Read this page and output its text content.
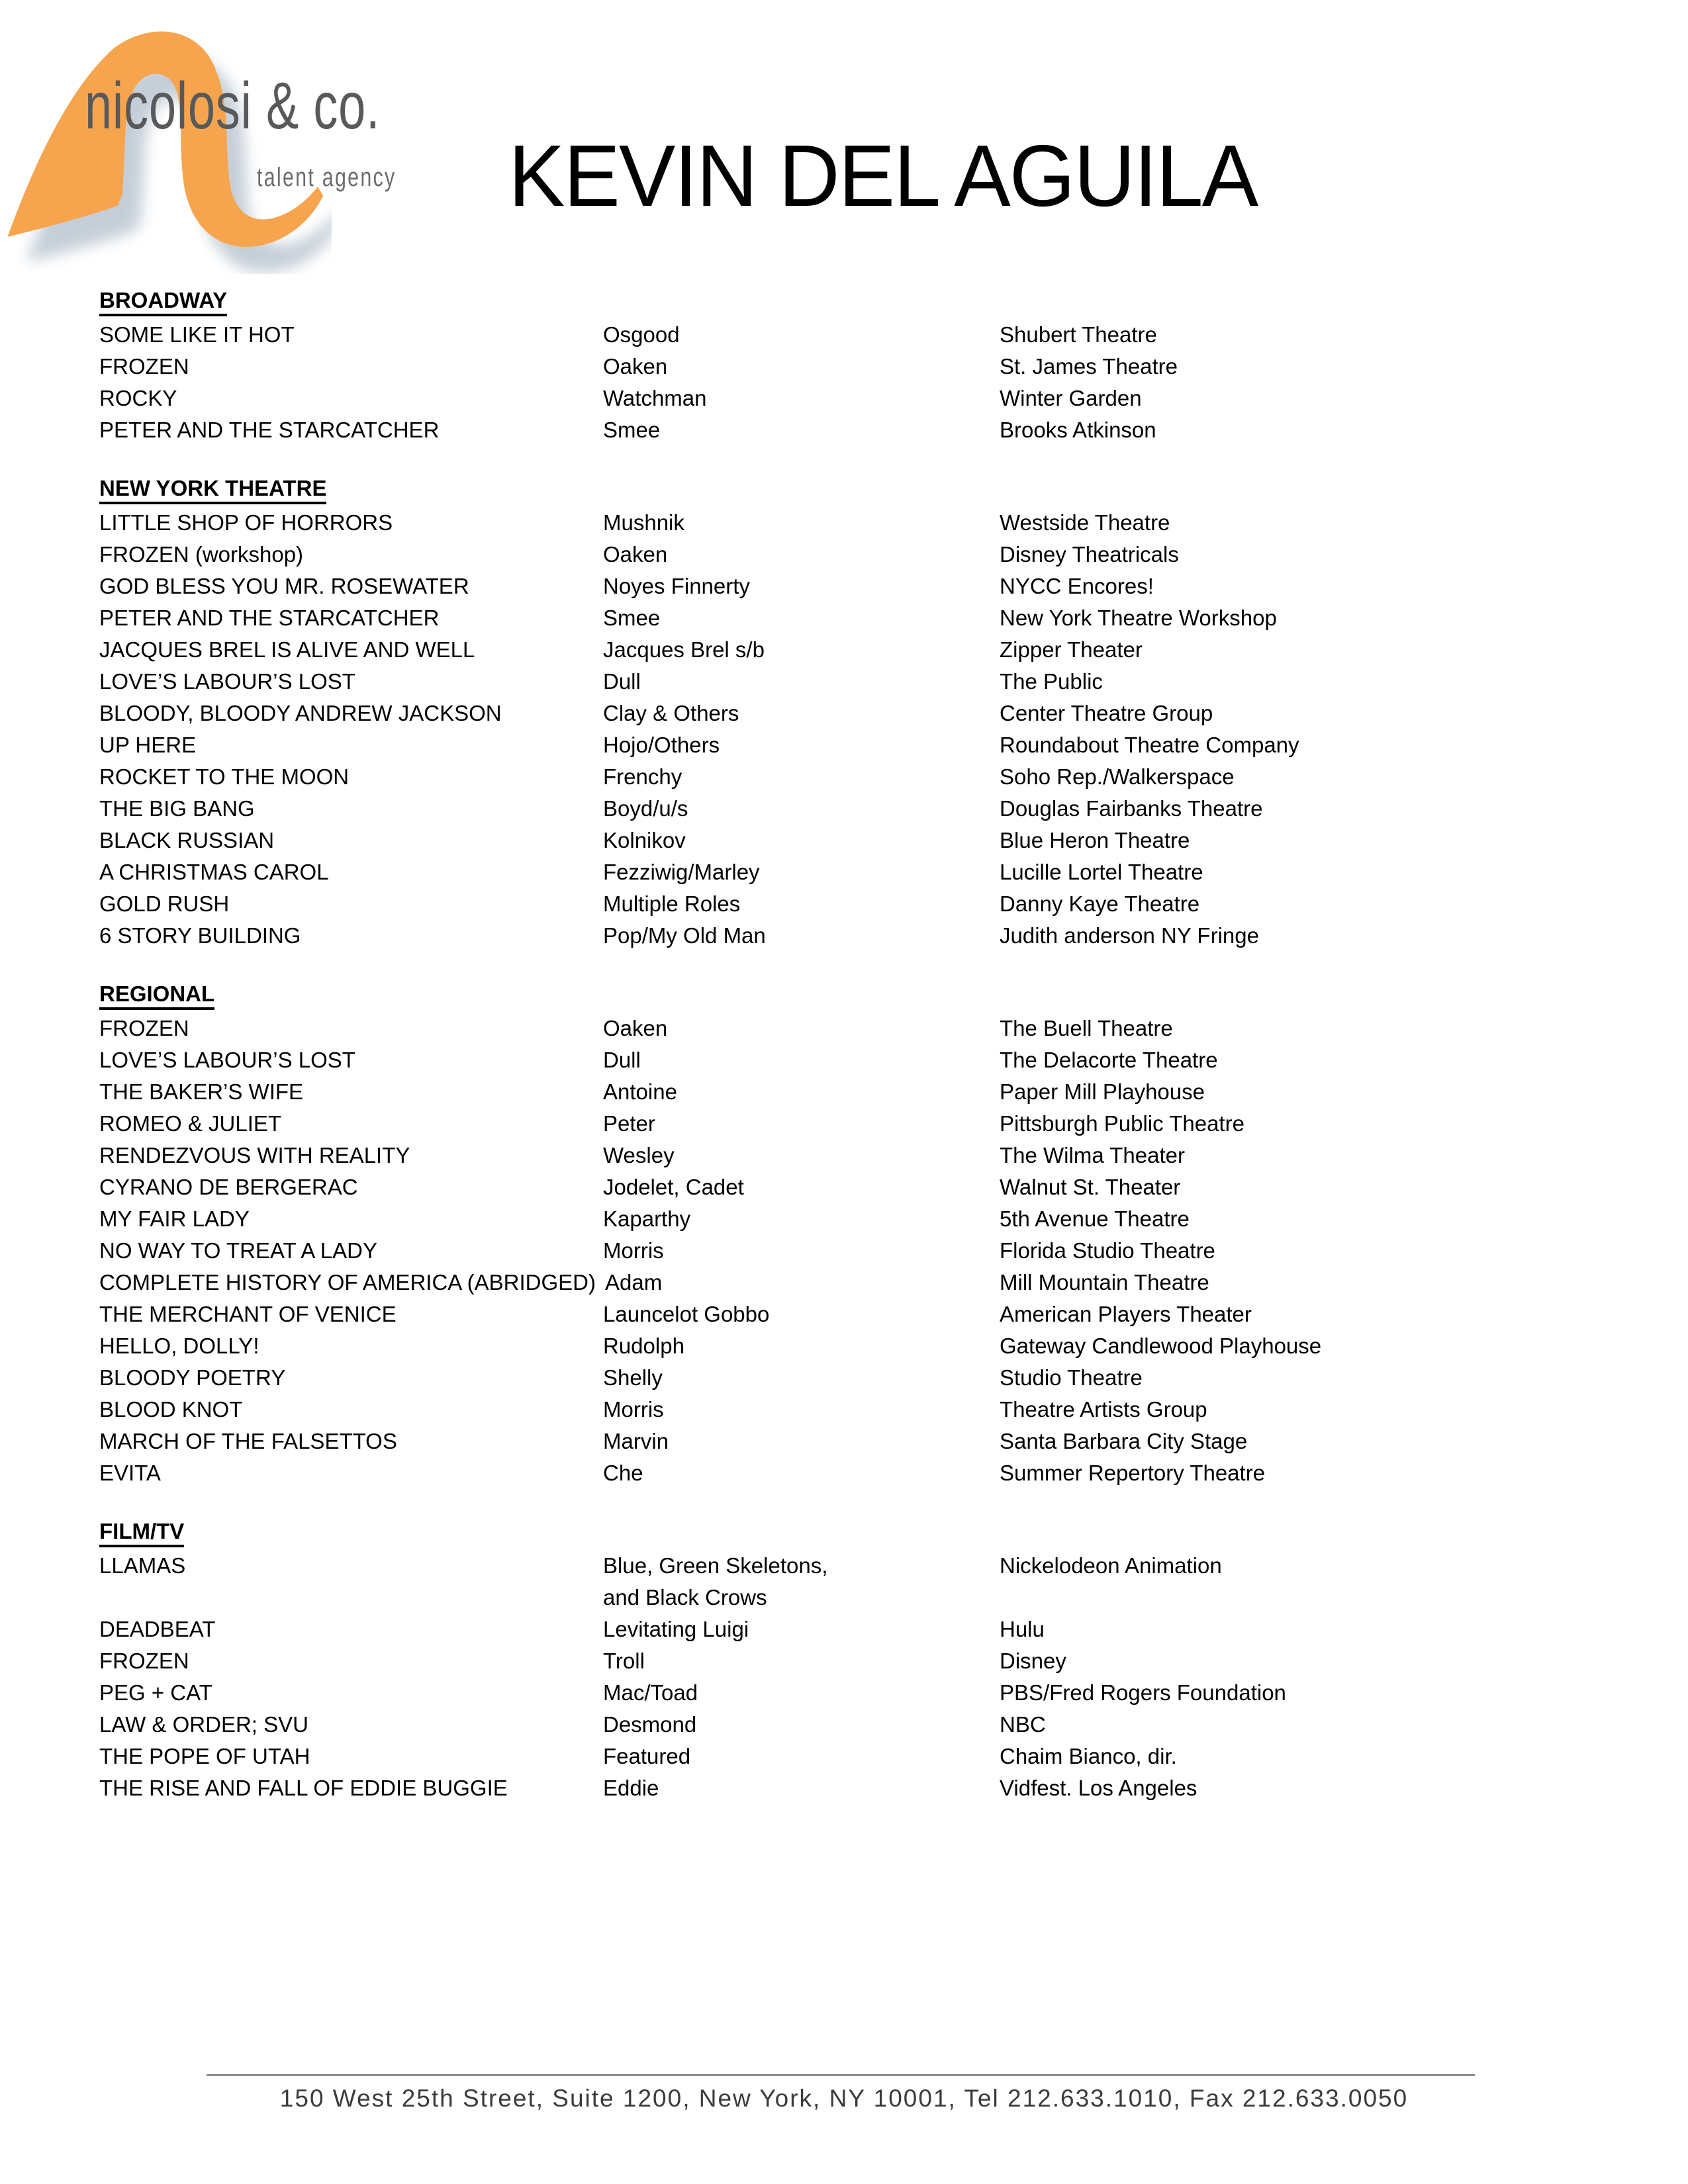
nicolosi & co.
talent agency KEVIN DEL AGUILA
BROADWAY
SOME LIKE IT HOT	Osgood	Shubert Theatre
FROZEN	Oaken	St. James Theatre
ROCKY	Watchman	Winter Garden
PETER AND THE STARCATCHER	Smee	Brooks Atkinson
NEW YORK THEATRE
LITTLE SHOP OF HORRORS	Mushnik	Westside Theatre
FROZEN (workshop)	Oaken	Disney Theatricals
GOD BLESS YOU MR. ROSEWATER	Noyes Finnerty	NYCC Encores!
PETER AND THE STARCATCHER	Smee	New York Theatre Workshop
JACQUES BREL IS ALIVE AND WELL	Jacques Brel s/b	Zipper Theater
LOVE’S LABOUR’S LOST	Dull	The Public
BLOODY, BLOODY ANDREW JACKSON	Clay & Others	Center Theatre Group
UP HERE	Hojo/Others	Roundabout Theatre Company
ROCKET TO THE MOON	Frenchy	Soho Rep./Walkerspace
THE BIG BANG	Boyd/u/s	Douglas Fairbanks Theatre
BLACK RUSSIAN	Kolnikov	Blue Heron Theatre
A CHRISTMAS CAROL	Fezziwig/Marley	Lucille Lortel Theatre
GOLD RUSH	Multiple Roles	Danny Kaye Theatre
6 STORY BUILDING	Pop/My Old Man	Judith anderson NY Fringe
REGIONAL
FROZEN	Oaken	The Buell Theatre
LOVE’S LABOUR’S LOST	Dull	The Delacorte Theatre
THE BAKER’S WIFE	Antoine	Paper Mill Playhouse
ROMEO & JULIET	Peter	Pittsburgh Public Theatre
RENDEZVOUS WITH REALITY	Wesley	The Wilma Theater
CYRANO DE BERGERAC	Jodelet, Cadet	Walnut St. Theater
MY FAIR LADY	Kaparthy	5th Avenue Theatre
NO WAY TO TREAT A LADY	Morris	Florida Studio Theatre
COMPLETE HISTORY OF AMERICA (ABRIDGED) Adam	Mill Mountain Theatre
THE MERCHANT OF VENICE	Launcelot Gobbo	American Players Theater
HELLO, DOLLY!	Rudolph	Gateway Candlewood Playhouse
BLOODY POETRY	Shelly	Studio Theatre
BLOOD KNOT	Morris	Theatre Artists Group
MARCH OF THE FALSETTOS	Marvin	Santa Barbara City Stage
EVITA	Che	Summer Repertory Theatre
FILM/TV
LLAMAS	Blue, Green Skeletons,	Nickelodeon Animation
and Black Crows
DEADBEAT	Levitating Luigi	Hulu
FROZEN	Troll	Disney
PEG + CAT	Mac/Toad	PBS/Fred Rogers Foundation
LAW & ORDER; SVU	Desmond	NBC
THE POPE OF UTAH	Featured	Chaim Bianco, dir.
THE RISE AND FALL OF EDDIE BUGGIE	Eddie	Vidfest. Los Angeles
150 West 25th Street, Suite 1200, New York, NY 10001, Tel 212.633.1010, Fax 212.633.0050
